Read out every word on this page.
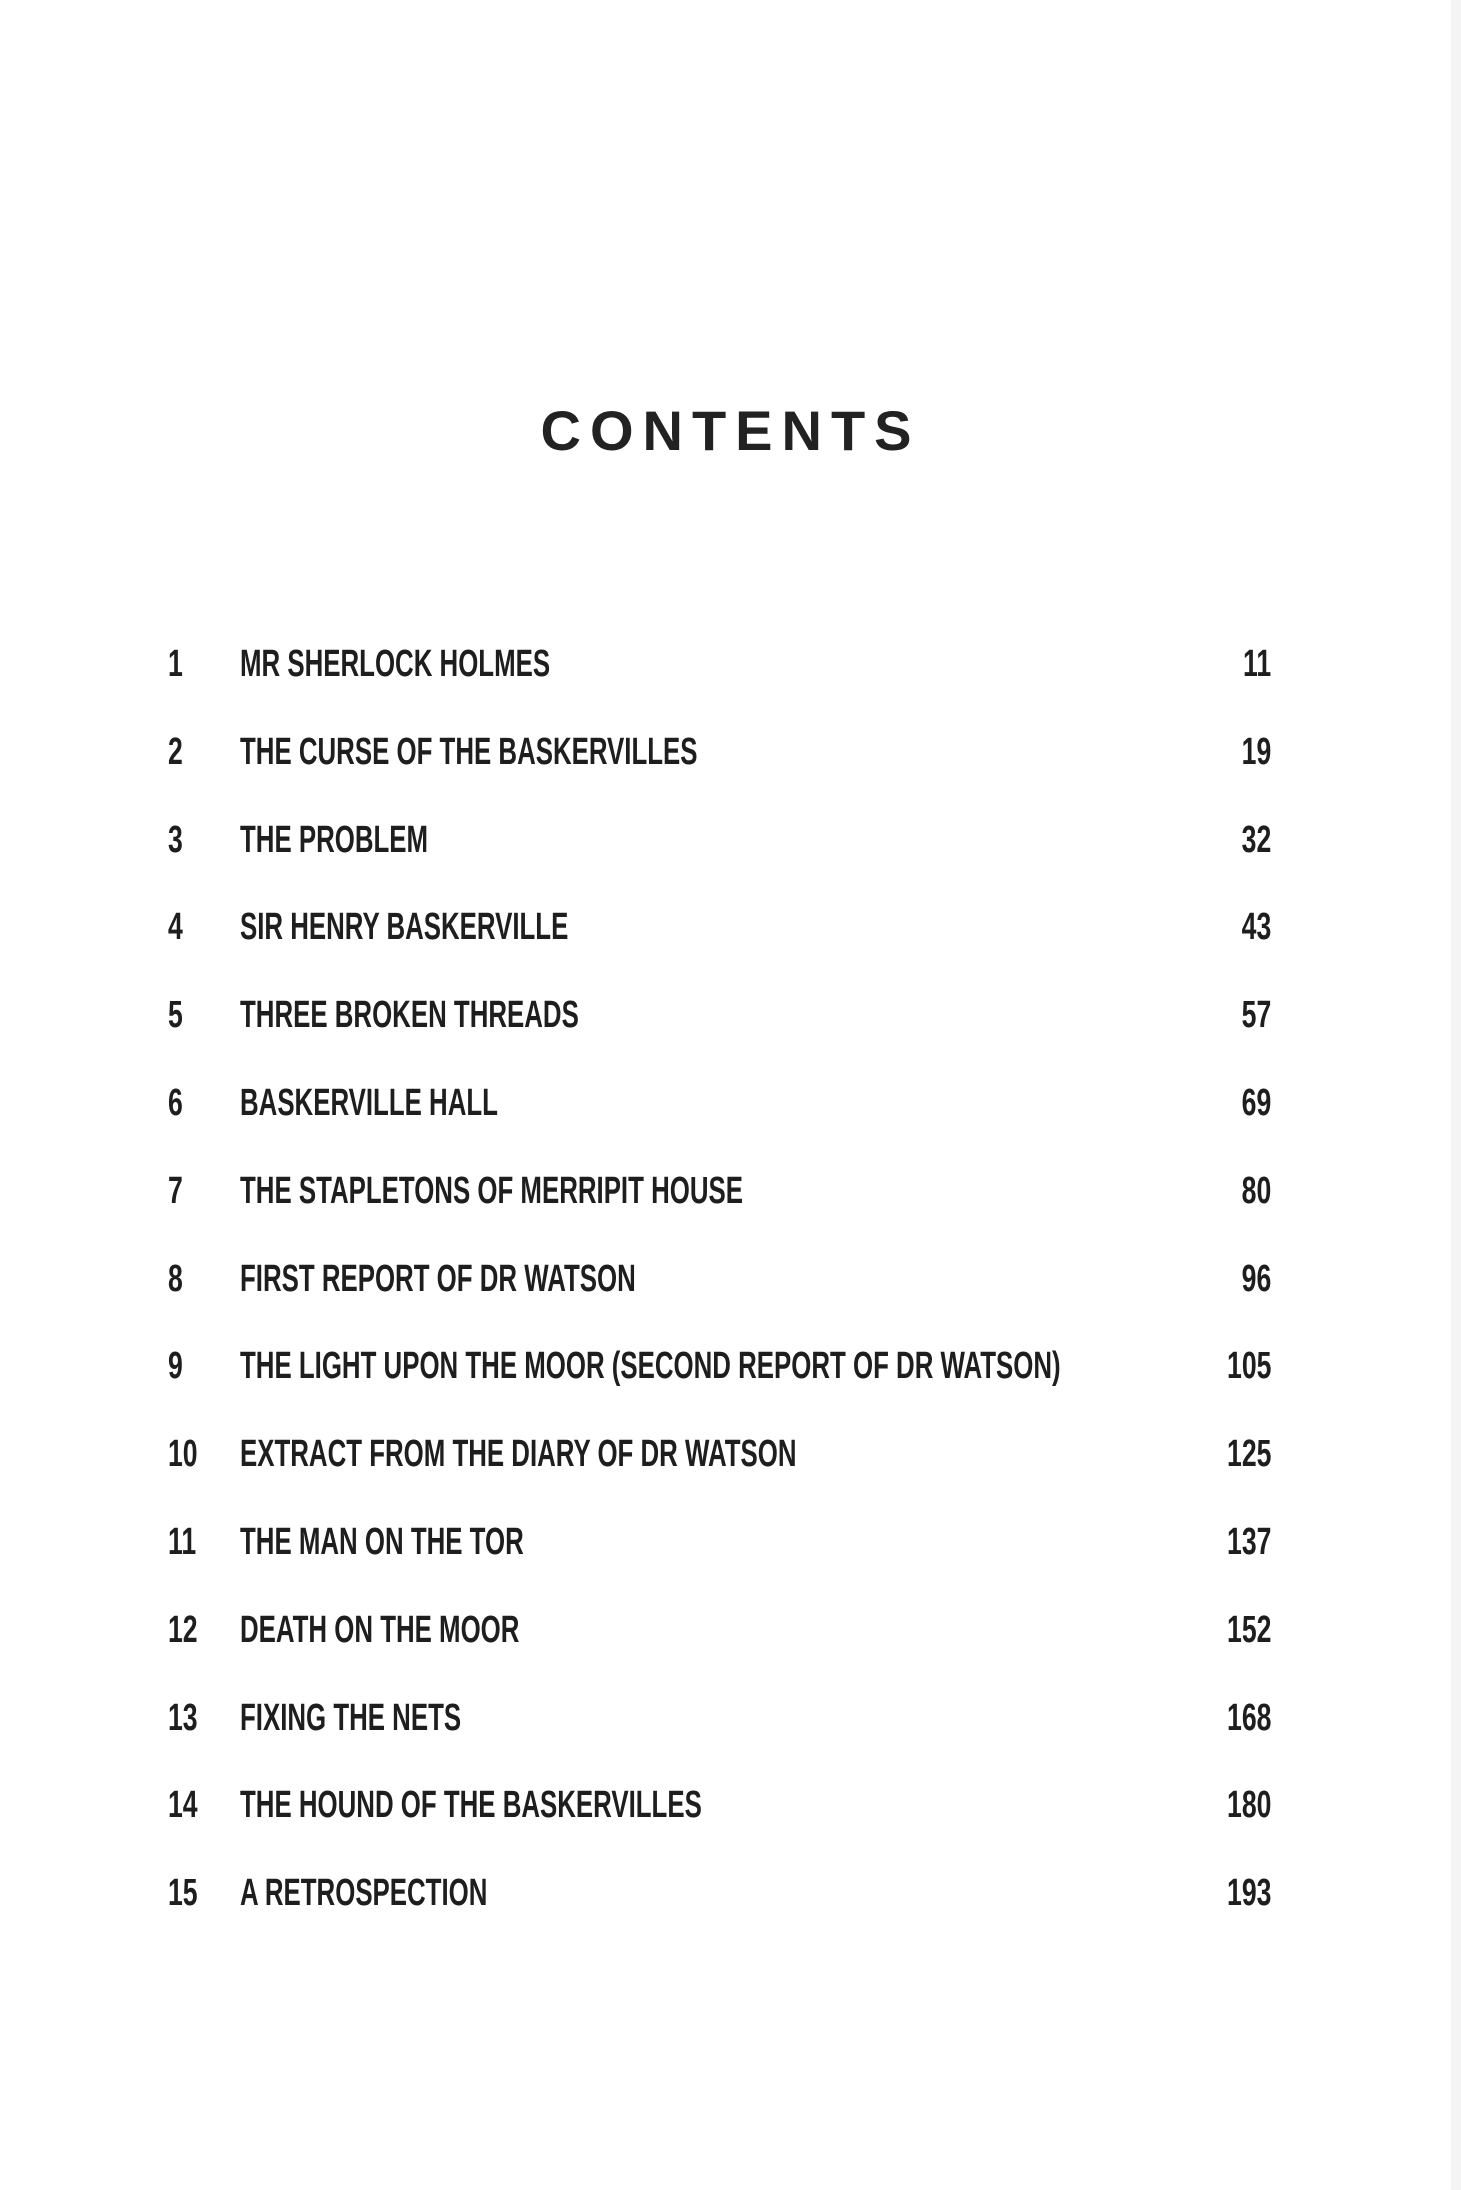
CONTENTS
1 MR SHERLOCK HOLMES	11
2 THE CURSE OF THE BASKERVILLES	19
3 THE PROBLEM	32
4 SIR HENRY BASKERVILLE	43
5 THREE BROKEN THREADS	57
6 BASKERVILLE HALL	69
7 THE STAPLETONS OF MERRIPIT HOUSE	80
8 FIRST REPORT OF DR WATSON	96
9 THE LIGHT UPON THE MOOR (SECOND REPORT OF DR WATSON)	105
10 EXTRACT FROM THE DIARY OF DR WATSON	125
11 THE MAN ON THE TOR	137
12 DEATH ON THE MOOR	152
13 FIXING THE NETS	168
14 THE HOUND OF THE BASKERVILLES	180
15 A RETROSPECTION	193
